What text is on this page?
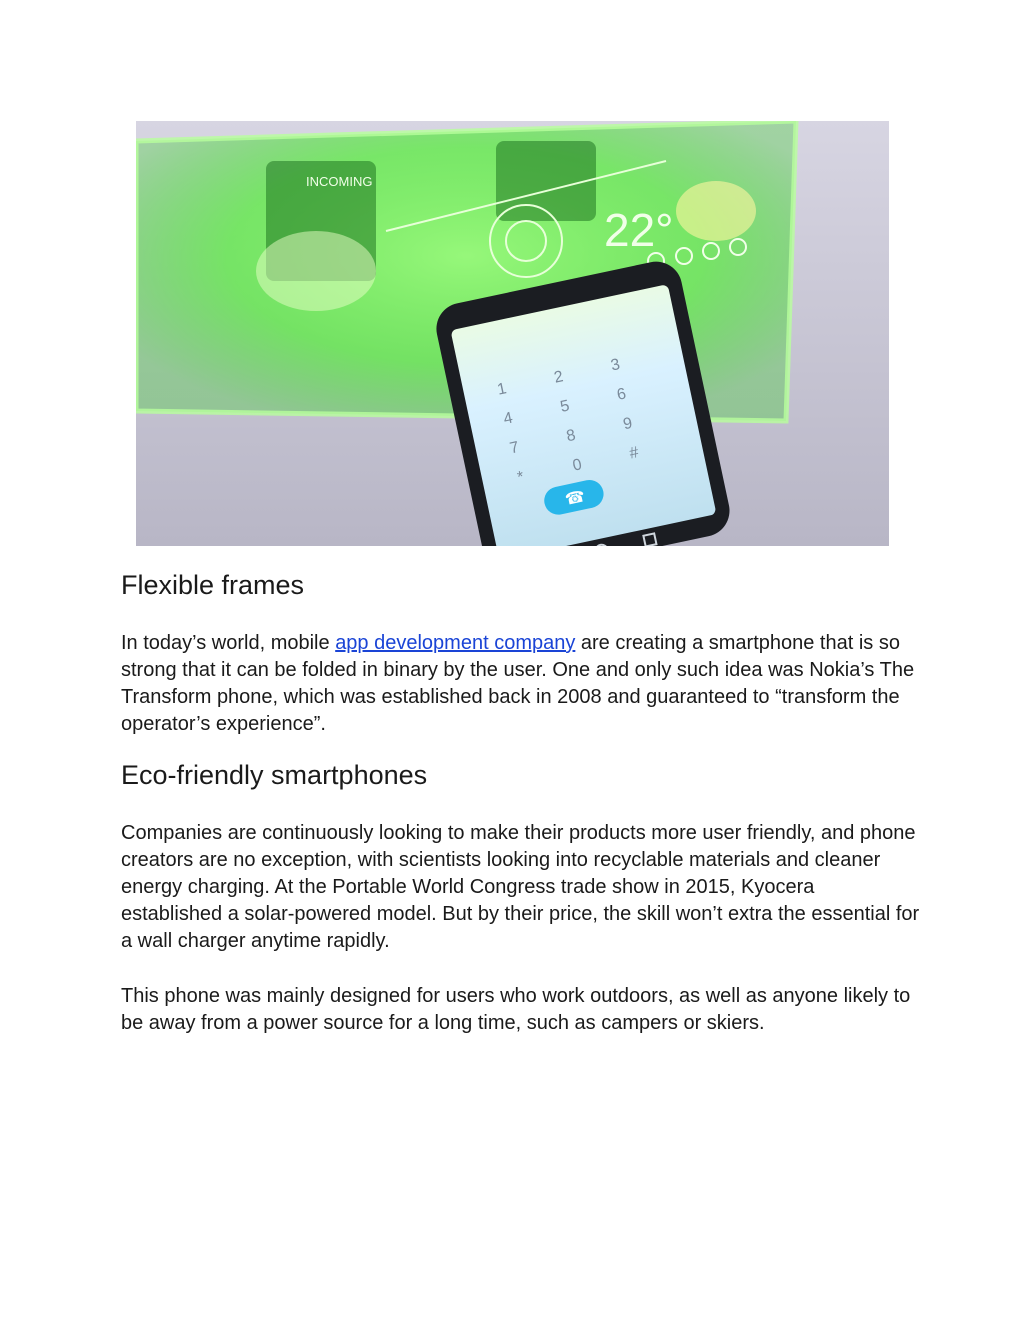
INCOMING
22°
☎
1
2
3
4
5
6
7
8
9
*
0
#
Flexible frames

In today’s world, mobile app development company are creating a smartphone that is so strong that it can be folded in binary by the user. One and only such idea was Nokia’s The Transform phone, which was established back in 2008 and guaranteed to “transform the operator’s experience”.

Eco-friendly smartphones

Companies are continuously looking to make their products more user friendly, and phone creators are no exception, with scientists looking into recyclable materials and cleaner energy charging. At the Portable World Congress trade show in 2015, Kyocera established a solar-powered model. But by their price, the skill won’t extra the essential for a wall charger anytime rapidly.

This phone was mainly designed for users who work outdoors, as well as anyone likely to be away from a power source for a long time, such as campers or skiers.
